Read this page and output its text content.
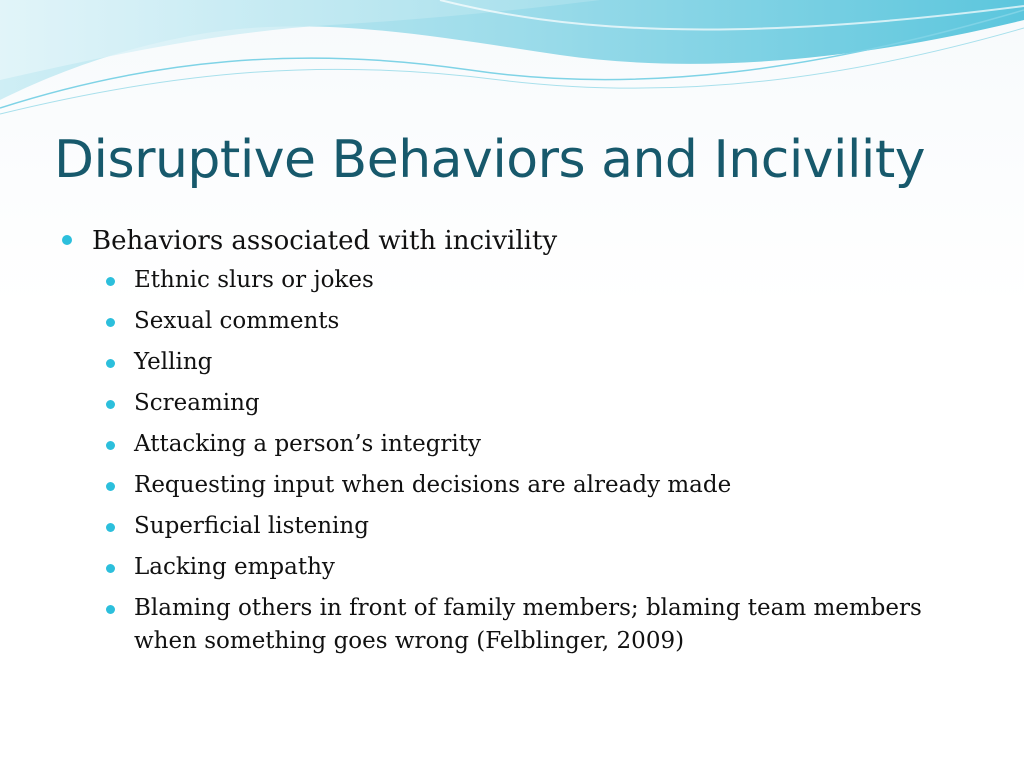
Disruptive Behaviors and Incivility
Behaviors associated with incivility
Ethnic slurs or jokes
Sexual comments
Yelling
Screaming
Attacking a person’s integrity
Requesting input when decisions are already made
Superficial listening
Lacking empathy
Blaming others in front of family members; blaming team members when something goes wrong (Felblinger, 2009)
